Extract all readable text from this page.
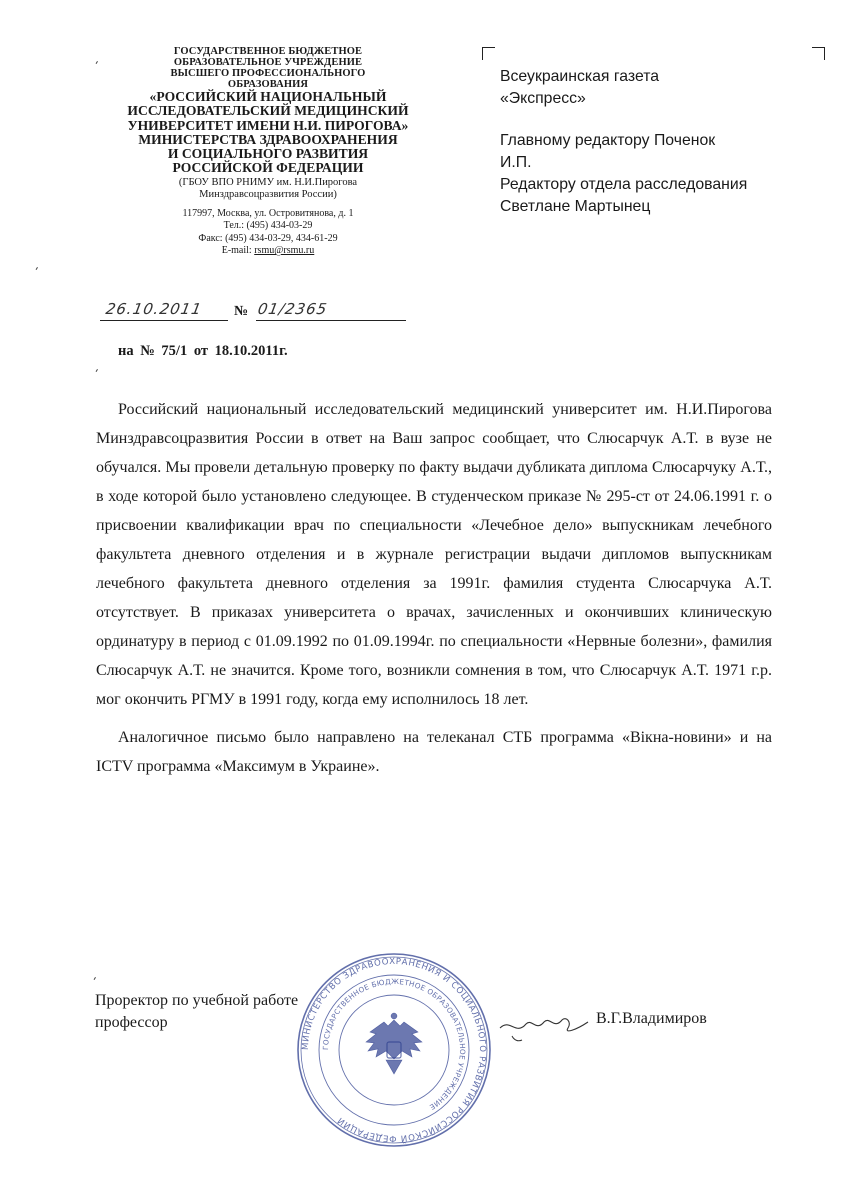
ГОСУДАРСТВЕННОЕ БЮДЖЕТНОЕ
ОБРАЗОВАТЕЛЬНОЕ УЧРЕЖДЕНИЕ
ВЫСШЕГО ПРОФЕССИОНАЛЬНОГО
ОБРАЗОВАНИЯ
«РОССИЙСКИЙ НАЦИОНАЛЬНЫЙ
ИССЛЕДОВАТЕЛЬСКИЙ МЕДИЦИНСКИЙ
УНИВЕРСИТЕТ ИМЕНИ Н.И. ПИРОГОВА»
МИНИСТЕРСТВА ЗДРАВООХРАНЕНИЯ
И СОЦИАЛЬНОГО РАЗВИТИЯ
РОССИЙСКОЙ ФЕДЕРАЦИИ
(ГБОУ ВПО РНИМУ им. Н.И.Пирогова
Минздравсоцразвития России)
117997, Москва, ул. Островитянова, д. 1
Тел.: (495) 434-03-29
Факс: (495) 434-03-29, 434-61-29
E-mail: rsmu@rsmu.ru
26.10.2011 № 01/2365
на № 75/1 от 18.10.2011г.
Всеукраинская газета
«Экспресс»
Главному редактору Поченок
И.П.
Редактору отдела расследования
Светлане Мартынец

Российский национальный исследовательский медицинский университет им. Н.И.Пирогова Минздравсоцразвития России в ответ на Ваш запрос сообщает, что Слюсарчук А.Т. в вузе не обучался. Мы провели детальную проверку по факту выдачи дубликата диплома Слюсарчуку А.Т., в ходе которой было установлено следующее. В студенческом приказе № 295-ст от 24.06.1991 г. о присвоении квалификации врач по специальности «Лечебное дело» выпускникам лечебного факультета дневного отделения и в журнале регистрации выдачи дипломов выпускникам лечебного факультета дневного отделения за 1991г. фамилия студента Слюсарчука А.Т. отсутствует. В приказах университета о врачах, зачисленных и окончивших клиническую ординатуру в период с 01.09.1992 по 01.09.1994г. по специальности «Нервные болезни», фамилия Слюсарчук А.Т. не значится. Кроме того, возникли сомнения в том, что Слюсарчук А.Т. 1971 г.р. мог окончить РГМУ в 1991 году, когда ему исполнилось 18 лет.

Аналогичное письмо было направлено на телеканал СТБ программа «Вікна-новини» и на ICTV программа «Максимум в Украине».

МИНИСТЕРСТВО ЗДРАВООХРАНЕНИЯ И СОЦИАЛЬНОГО РАЗВИТИЯ РОССИЙСКОЙ ФЕДЕРАЦИИ
ГОСУДАРСТВЕННОЕ БЮДЖЕТНОЕ ОБРАЗОВАТЕЛЬНОЕ УЧРЕЖДЕНИЕ
Проректор по учебной работе
профессор	В.Г.Владимиров
